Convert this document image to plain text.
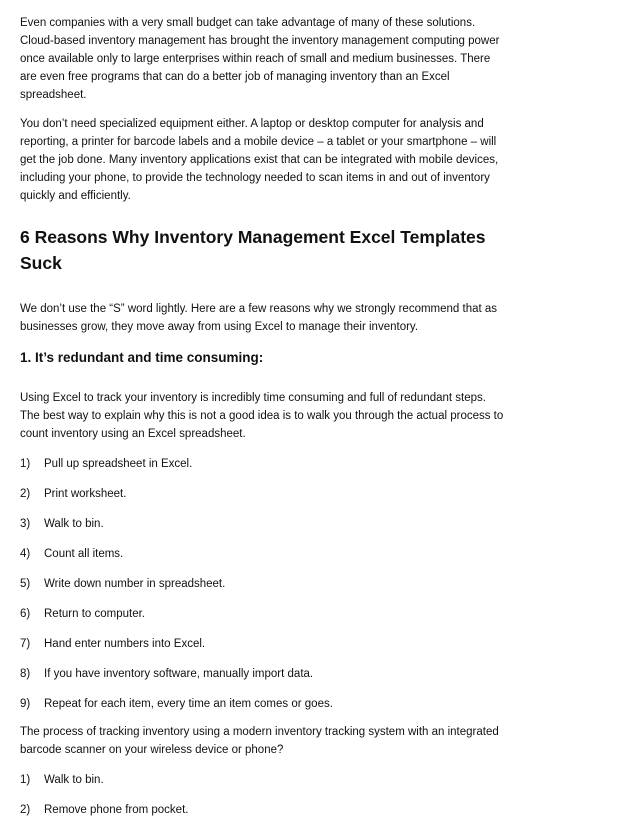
Even companies with a very small budget can take advantage of many of these solutions.
Cloud-based inventory management has brought the inventory management computing power
once available only to large enterprises within reach of small and medium businesses. There
are even free programs that can do a better job of managing inventory than an Excel
spreadsheet.

You don’t need specialized equipment either. A laptop or desktop computer for analysis and
reporting, a printer for barcode labels and a mobile device – a tablet or your smartphone – will
get the job done. Many inventory applications exist that can be integrated with mobile devices,
including your phone, to provide the technology needed to scan items in and out of inventory
quickly and efficiently.

6 Reasons Why Inventory Management Excel Templates
Suck

We don’t use the “S” word lightly. Here are a few reasons why we strongly recommend that as
businesses grow, they move away from using Excel to manage their inventory.

1. It’s redundant and time consuming:

Using Excel to track your inventory is incredibly time consuming and full of redundant steps.
The best way to explain why this is not a good idea is to walk you through the actual process to
count inventory using an Excel spreadsheet.

1) Pull up spreadsheet in Excel.
2) Print worksheet.
3) Walk to bin.
4) Count all items.
5) Write down number in spreadsheet.
6) Return to computer.
7) Hand enter numbers into Excel.
8) If you have inventory software, manually import data.
9) Repeat for each item, every time an item comes or goes.

The process of tracking inventory using a modern inventory tracking system with an integrated
barcode scanner on your wireless device or phone?

1) Walk to bin.
2) Remove phone from pocket.
